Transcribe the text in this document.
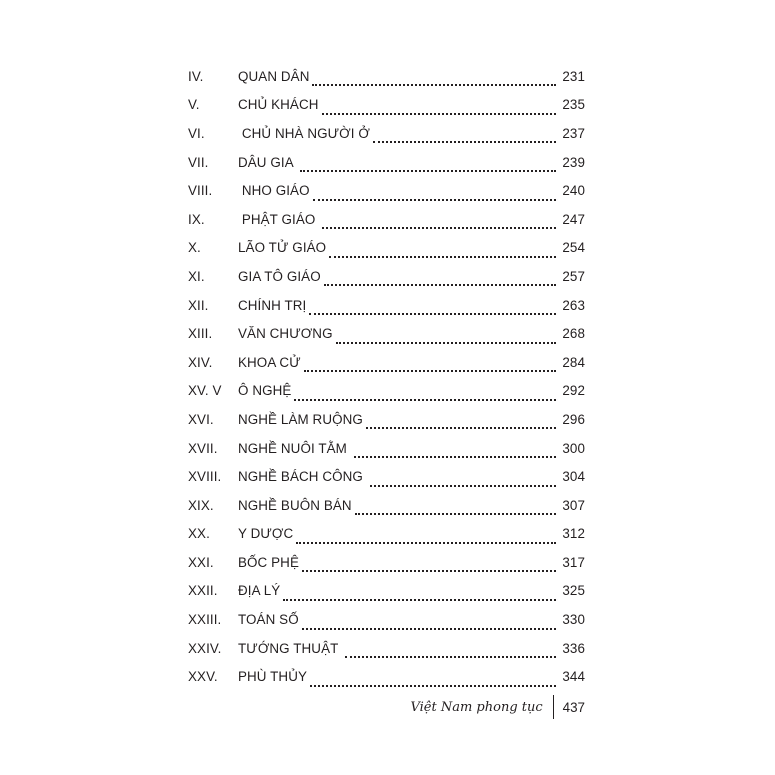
IV.	QUAN DÂN	231
V.	CHỦ KHÁCH	235
VI.	CHỦ NHÀ NGƯỜI Ở	237
VII.	DÂU GIA	239
VIII.	NHO GIÁO	240
IX.	PHẬT GIÁO	247
X.	LÃO TỬ GIÁO	254
XI.	GIA TÔ GIÁO	257
XII.	CHÍNH TRỊ	263
XIII.	VĂN CHƯƠNG	268
XIV.	KHOA CỬ	284
XV. V	Ô NGHỆ	292
XVI.	NGHỀ LÀM RUỘNG	296
XVII.	NGHỀ NUÔI TẰM	300
XVIII.	NGHỀ BÁCH CÔNG	304
XIX.	NGHỀ BUÔN BÁN	307
XX.	Y DƯỢC	312
XXI.	BỐC PHỆ	317
XXII.	ĐỊA LÝ	325
XXIII.	TOÁN SỐ	330
XXIV.	TƯỚNG THUẬT	336
XXV.	PHÙ THỦY	344
Việt Nam phong tục	437
